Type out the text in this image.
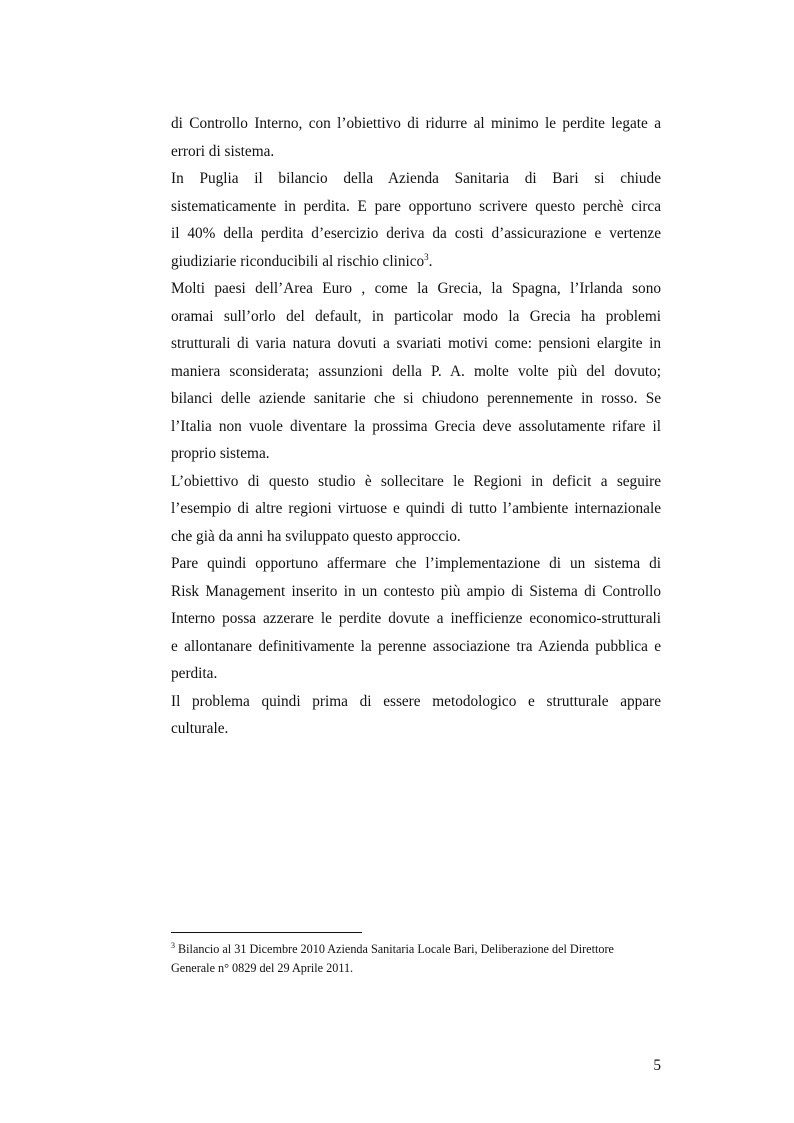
di Controllo Interno, con l’obiettivo di ridurre al minimo le perdite legate a
errori di sistema.

In Puglia il bilancio della Azienda Sanitaria di Bari si chiude
sistematicamente in perdita. E pare opportuno scrivere questo perchè circa
il 40% della perdita d’esercizio deriva da costi d’assicurazione e vertenze
giudiziarie riconducibili al rischio clinico$^3$.

Molti paesi dell’Area Euro , come la Grecia, la Spagna, l’Irlanda sono
oramai sull’orlo del default, in particolar modo la Grecia ha problemi
strutturali di varia natura dovuti a svariati motivi come: pensioni elargite in
maniera sconsiderata; assunzioni della P. A. molte volte più del dovuto;
bilanci delle aziende sanitarie che si chiudono perennemente in rosso. Se
l’Italia non vuole diventare la prossima Grecia deve assolutamente rifare il
proprio sistema.

L’obiettivo di questo studio è sollecitare le Regioni in deficit a seguire
l’esempio di altre regioni virtuose e quindi di tutto l’ambiente internazionale
che già da anni ha sviluppato questo approccio.

Pare quindi opportuno affermare che l’implementazione di un sistema di
Risk Management inserito in un contesto più ampio di Sistema di Controllo
Interno possa azzerare le perdite dovute a inefficienze economico-strutturali
e allontanare definitivamente la perenne associazione tra Azienda pubblica e
perdita.

Il problema quindi prima di essere metodologico e strutturale appare
culturale.

$^3$ Bilancio al 31 Dicembre 2010 Azienda Sanitaria Locale Bari, Deliberazione del Direttore
Generale n° 0829 del 29 Aprile 2011.
5
